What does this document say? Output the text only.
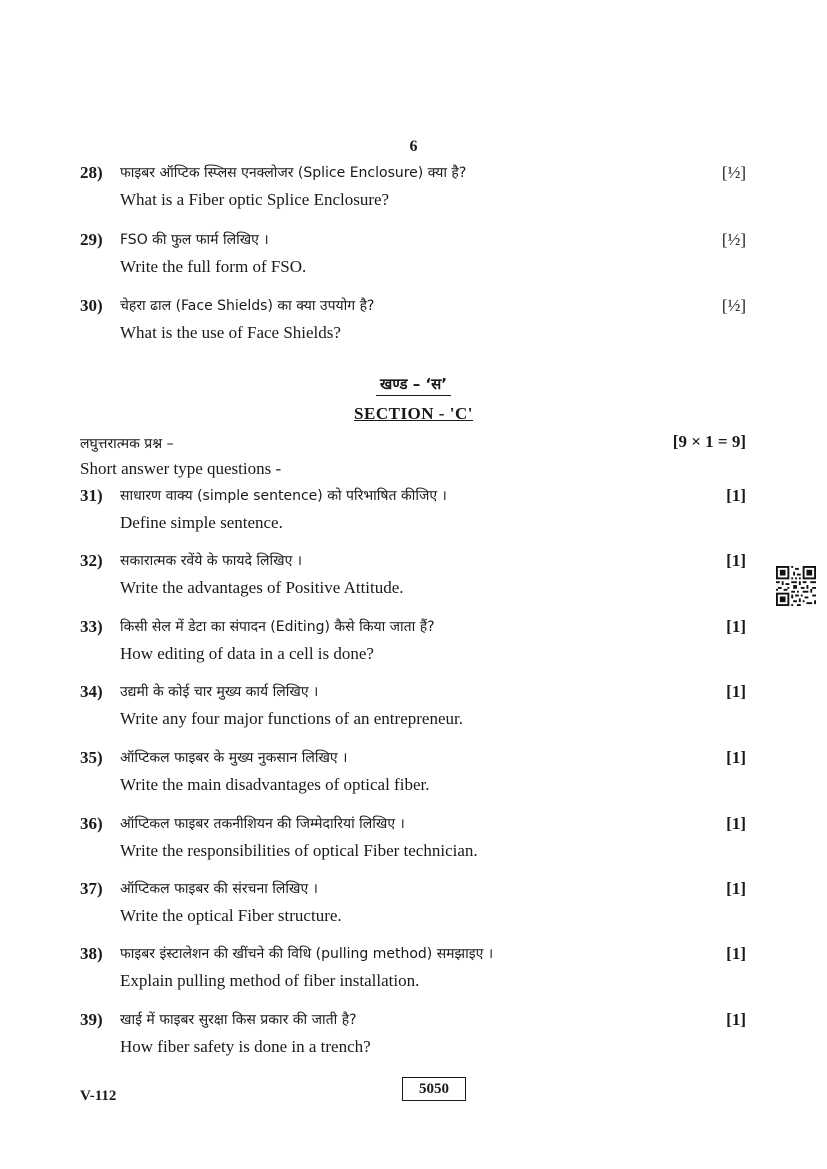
6
28) फाइबर ऑप्टिक स्प्लिस एनक्लोजर (Splice Enclosure) क्या है?
What is a Fiber optic Splice Enclosure?
[½]
29) FSO की फुल फार्म लिखिए ।
Write the full form of FSO.
[½]
30) चेहरा ढाल (Face Shields) का क्या उपयोग है?
What is the use of Face Shields?
[½]
खण्ड – ‘स’
SECTION - 'C'
लघुत्तरात्मक प्रश्न –
Short answer type questions -
[9 × 1 = 9]
31) साधारण वाक्य (simple sentence) को परिभाषित कीजिए ।
Define simple sentence.
[1]
32) सकारात्मक रवेंये के फायदे लिखिए ।
Write the advantages of Positive Attitude.
[1]
33) किसी सेल में डेटा का संपादन (Editing) कैसे किया जाता हैं?
How editing of data in a cell is done?
[1]
34) उद्यमी के कोई चार मुख्य कार्य लिखिए ।
Write any four major functions of an entrepreneur.
[1]
35) ऑप्टिकल फाइबर के मुख्य नुकसान लिखिए ।
Write the main disadvantages of optical fiber.
[1]
36) ऑप्टिकल फाइबर तकनीशियन की जिम्मेदारियां लिखिए ।
Write the responsibilities of optical Fiber technician.
[1]
37) ऑप्टिकल फाइबर की संरचना लिखिए ।
Write the optical Fiber structure.
[1]
38) फाइबर इंस्टालेशन की खींचने की विधि (pulling method) समझाइए ।
Explain pulling method of fiber installation.
[1]
39) खाई में फाइबर सुरक्षा किस प्रकार की जाती है?
How fiber safety is done in a trench?
[1]
V-112	5050
